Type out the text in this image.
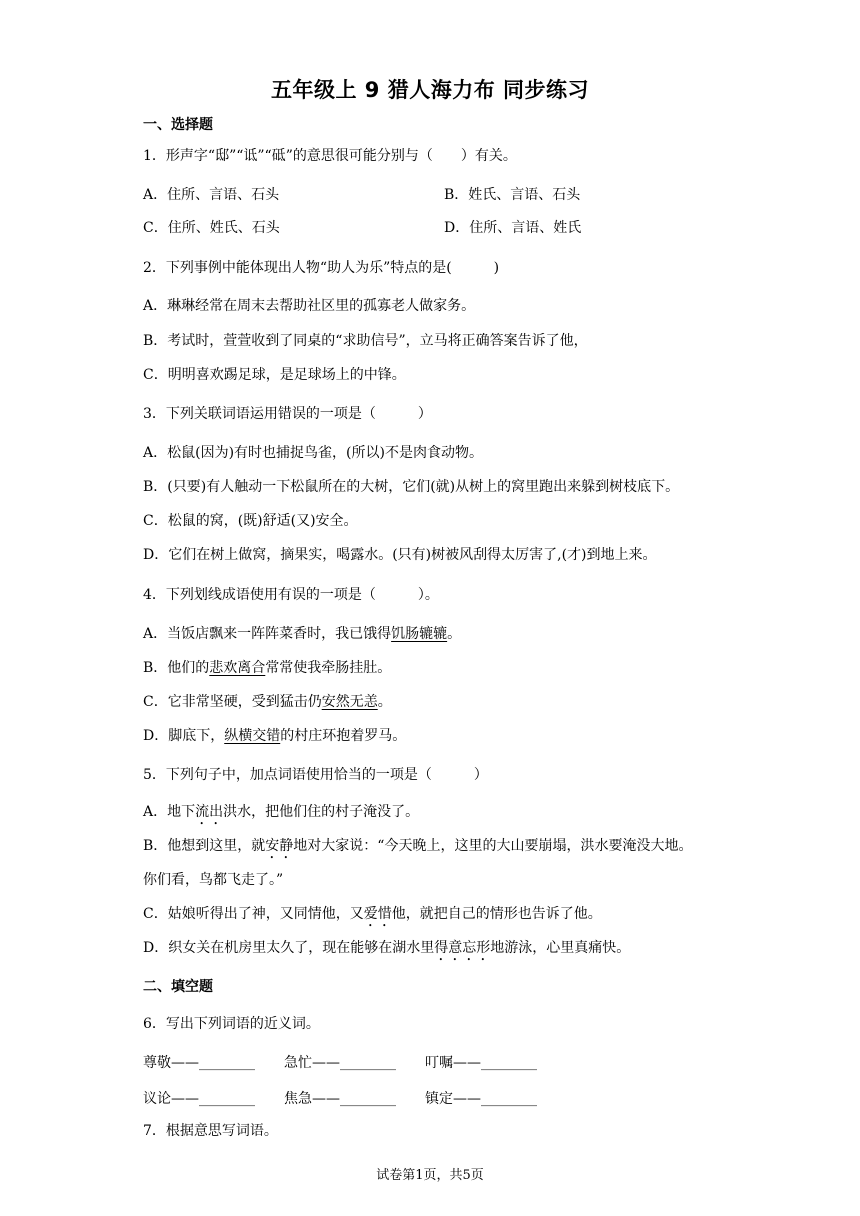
五年级上 9 猎人海力布 同步练习
一、选择题
1．形声字“邸”“诋”“砥”的意思很可能分别与（　　）有关。
A．住所、言语、石头	B．姓氏、言语、石头
C．住所、姓氏、石头	D．住所、言语、姓氏
2．下列事例中能体现出人物“助人为乐”特点的是(　　　)
A．琳琳经常在周末去帮助社区里的孤寡老人做家务。
B．考试时，萱萱收到了同桌的“求助信号”，立马将正确答案告诉了他，
C．明明喜欢踢足球，是足球场上的中锋。
3．下列关联词语运用错误的一项是（　　　）
A．松鼠(因为)有时也捕捉鸟雀，(所以)不是肉食动物。
B．(只要)有人触动一下松鼠所在的大树，它们(就)从树上的窝里跑出来躲到树枝底下。
C．松鼠的窝，(既)舒适(又)安全。
D．它们在树上做窝，摘果实，喝露水。(只有)树被风刮得太厉害了,(才)到地上来。
4．下列划线成语使用有误的一项是（　　　）。
A．当饭店飘来一阵阵菜香时，我已饿得饥肠辘辘。
B．他们的悲欢离合常常使我牵肠挂肚。
C．它非常坚硬，受到猛击仍安然无恙。
D．脚底下，纵横交错的村庄环抱着罗马。
5．下列句子中，加点词语使用恰当的一项是（　　　）
A．地下流出洪水，把他们住的村子淹没了。
B．他想到这里，就安静地对大家说：“今天晚上，这里的大山要崩塌，洪水要淹没大地。
你们看，鸟都飞走了。”
C．姑娘听得出了神，又同情他，又爱惜他，就把自己的情形也告诉了他。
D．织女关在机房里太久了，现在能够在湖水里得意忘形地游泳，心里真痛快。
二、填空题
6．写出下列词语的近义词。
尊敬——________ 急忙——________ 叮嘱——________
议论——________ 焦急——________ 镇定——________
7．根据意思写词语。
试卷第1页，共5页
